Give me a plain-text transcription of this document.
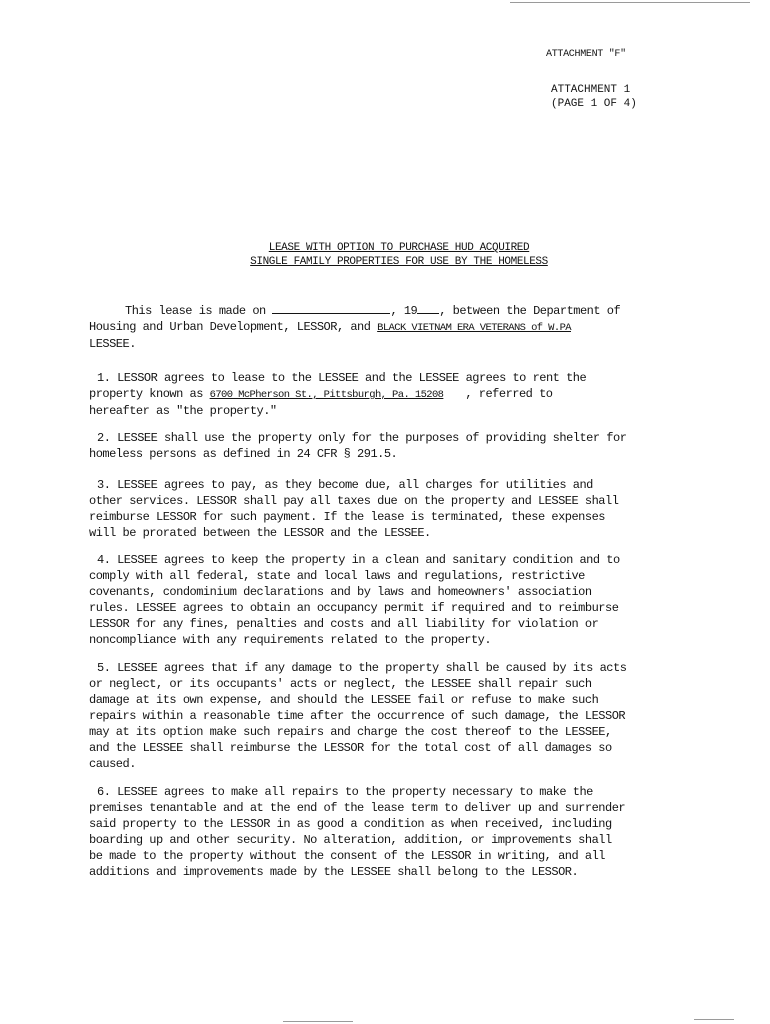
ATTACHMENT "F"
ATTACHMENT 1
(PAGE 1 OF 4)
LEASE WITH OPTION TO PURCHASE HUD ACQUIRED
SINGLE FAMILY PROPERTIES FOR USE BY THE HOMELESS
This lease is made on	, 19 , between the Department of
Housing and Urban Development, LESSOR, and BLACK VIETNAM ERA VETERANS of W.PA
LESSEE.
1. LESSOR agrees to lease to the LESSEE and the LESSEE agrees to rent the
property known as 6700 McPherson St., Pittsburgh, Pa. 15208 , referred to
hereafter as "the property."
2. LESSEE shall use the property only for the purposes of providing shelter for
homeless persons as defined in 24 CFR § 291.5.
3. LESSEE agrees to pay, as they become due, all charges for utilities and
other services. LESSOR shall pay all taxes due on the property and LESSEE shall
reimburse LESSOR for such payment. If the lease is terminated, these expenses
will be prorated between the LESSOR and the LESSEE.
4. LESSEE agrees to keep the property in a clean and sanitary condition and to
comply with all federal, state and local laws and regulations, restrictive
covenants, condominium declarations and by laws and homeowners' association
rules. LESSEE agrees to obtain an occupancy permit if required and to reimburse
LESSOR for any fines, penalties and costs and all liability for violation or
noncompliance with any requirements related to the property.
5. LESSEE agrees that if any damage to the property shall be caused by its acts
or neglect, or its occupants' acts or neglect, the LESSEE shall repair such
damage at its own expense, and should the LESSEE fail or refuse to make such
repairs within a reasonable time after the occurrence of such damage, the LESSOR
may at its option make such repairs and charge the cost thereof to the LESSEE,
and the LESSEE shall reimburse the LESSOR for the total cost of all damages so
caused.
6. LESSEE agrees to make all repairs to the property necessary to make the
premises tenantable and at the end of the lease term to deliver up and surrender
said property to the LESSOR in as good a condition as when received, including
boarding up and other security. No alteration, addition, or improvements shall
be made to the property without the consent of the LESSOR in writing, and all
additions and improvements made by the LESSEE shall belong to the LESSOR.
